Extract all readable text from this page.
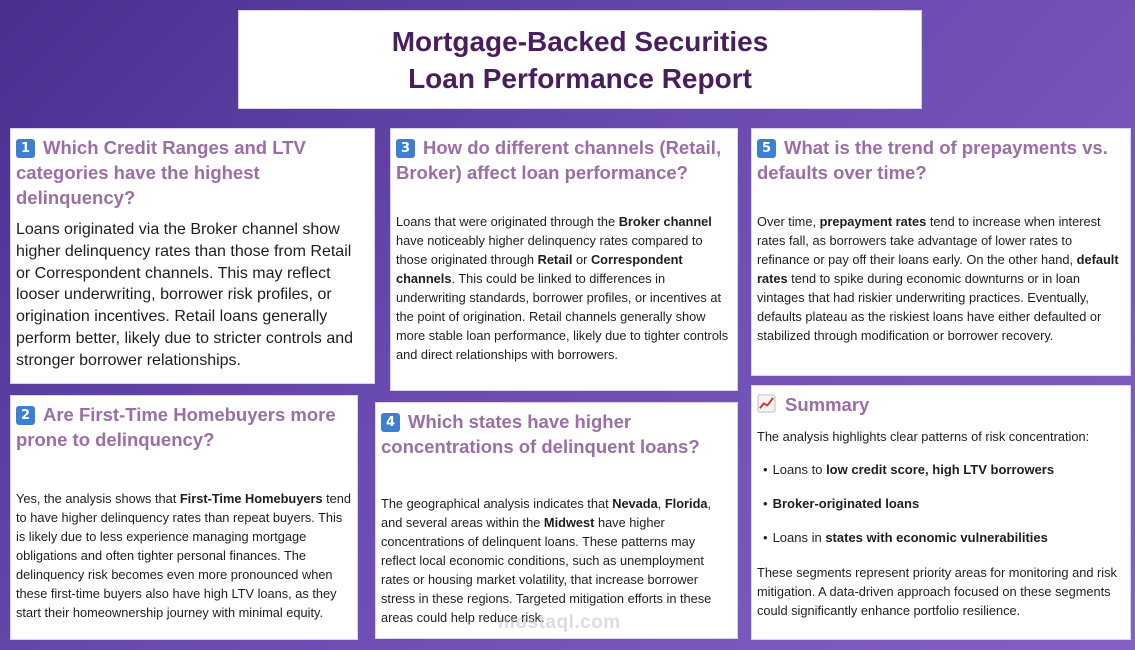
Mortgage-Backed Securities
Loan Performance Report
1 Which Credit Ranges and LTV categories have the highest delinquency?

Loans originated via the Broker channel show higher delinquency rates than those from Retail or Correspondent channels. This may reflect looser underwriting, borrower risk profiles, or origination incentives. Retail loans generally perform better, likely due to stricter controls and stronger borrower relationships.

2 Are First-Time Homebuyers more prone to delinquency?

Yes, the analysis shows that First-Time Homebuyers tend to have higher delinquency rates than repeat buyers. This is likely due to less experience managing mortgage obligations and often tighter personal finances. The delinquency risk becomes even more pronounced when these first-time buyers also have high LTV loans, as they start their homeownership journey with minimal equity.

3 How do different channels (Retail, Broker) affect loan performance?

Loans that were originated through the Broker channel have noticeably higher delinquency rates compared to those originated through Retail or Correspondent channels. This could be linked to differences in underwriting standards, borrower profiles, or incentives at the point of origination. Retail channels generally show more stable loan performance, likely due to tighter controls and direct relationships with borrowers.

4 Which states have higher concentrations of delinquent loans?

The geographical analysis indicates that Nevada, Florida, and several areas within the Midwest have higher concentrations of delinquent loans. These patterns may reflect local economic conditions, such as unemployment rates or housing market volatility, that increase borrower stress in these regions. Targeted mitigation efforts in these areas could help reduce risk.

5 What is the trend of prepayments vs. defaults over time?

Over time, prepayment rates tend to increase when interest rates fall, as borrowers take advantage of lower rates to refinance or pay off their loans early. On the other hand, default rates tend to spike during economic downturns or in loan vintages that had riskier underwriting practices. Eventually, defaults plateau as the riskiest loans have either defaulted or stabilized through modification or borrower recovery.

Summary

The analysis highlights clear patterns of risk concentration:

• Loans to low credit score, high LTV borrowers
• Broker-originated loans
• Loans in states with economic vulnerabilities

These segments represent priority areas for monitoring and risk mitigation. A data-driven approach focused on these segments could significantly enhance portfolio resilience.

mostaql.com
